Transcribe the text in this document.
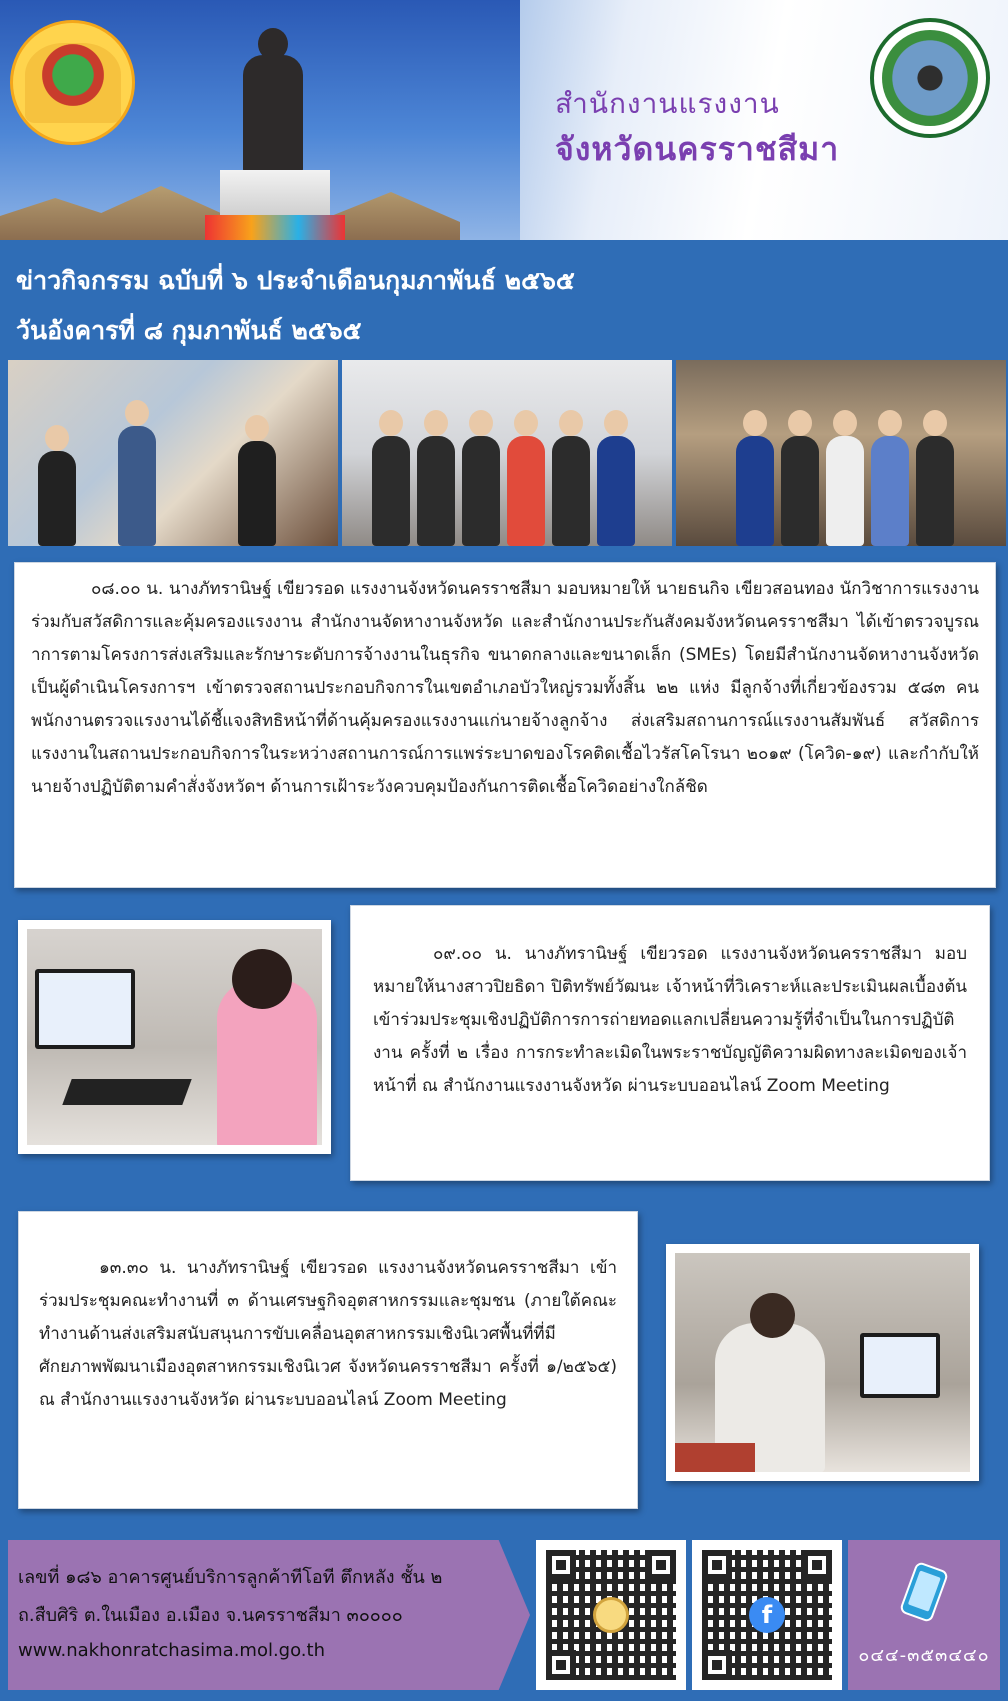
สำนักงานแรงงาน
จังหวัดนครราชสีมา
ข่าวกิจกรรม ฉบับที่ ๖ ประจำเดือนกุมภาพันธ์ ๒๕๖๕
วันอังคารที่ ๘ กุมภาพันธ์ ๒๕๖๕

๐๘.๐๐ น. นางภัทรานิษฐ์ เขียวรอด แรงงานจังหวัดนครราชสีมา มอบหมายให้ นายธนกิจ เขียวสอนทอง นักวิชาการแรงงาน ร่วมกับสวัสดิการและคุ้มครองแรงงาน สำนักงานจัดหางานจังหวัด และสำนักงานประกันสังคมจังหวัดนครราชสีมา ได้เข้าตรวจบูรณาการตามโครงการส่งเสริมและรักษาระดับการจ้างงานในธุรกิจ ขนาดกลางและขนาดเล็ก (SMEs) โดยมีสำนักงานจัดหางานจังหวัดเป็นผู้ดำเนินโครงการฯ เข้าตรวจสถานประกอบกิจการในเขตอำเภอบัวใหญ่รวมทั้งสิ้น ๒๒ แห่ง มีลูกจ้างที่เกี่ยวข้องรวม ๕๘๓ คน พนักงานตรวจแรงงานได้ชี้แจงสิทธิหน้าที่ด้านคุ้มครองแรงงานแก่นายจ้างลูกจ้าง ส่งเสริมสถานการณ์แรงงานสัมพันธ์ สวัสดิการแรงงานในสถานประกอบกิจการในระหว่างสถานการณ์การแพร่ระบาดของโรคติดเชื้อไวรัสโคโรนา ๒๐๑๙ (โควิด-๑๙) และกำกับให้นายจ้างปฏิบัติตามคำสั่งจังหวัดฯ ด้านการเฝ้าระวังควบคุมป้องกันการติดเชื้อโควิดอย่างใกล้ชิด

๐๙.๐๐ น. นางภัทรานิษฐ์ เขียวรอด แรงงานจังหวัดนครราชสีมา มอบหมายให้นางสาวปิยธิดา ปิติทรัพย์วัฒนะ เจ้าหน้าที่วิเคราะห์และประเมินผลเบื้องต้น เข้าร่วมประชุมเชิงปฏิบัติการการถ่ายทอดแลกเปลี่ยนความรู้ที่จำเป็นในการปฏิบัติงาน ครั้งที่ ๒ เรื่อง การกระทำละเมิดในพระราชบัญญัติความผิดทางละเมิดของเจ้าหน้าที่ ณ สำนักงานแรงงานจังหวัด ผ่านระบบออนไลน์ Zoom Meeting

๑๓.๓๐ น. นางภัทรานิษฐ์ เขียวรอด แรงงานจังหวัดนครราชสีมา เข้าร่วมประชุมคณะทำงานที่ ๓ ด้านเศรษฐกิจอุตสาหกรรมและชุมชน (ภายใต้คณะทำงานด้านส่งเสริมสนับสนุนการขับเคลื่อนอุตสาหกรรมเชิงนิเวศพื้นที่ที่มีศักยภาพพัฒนาเมืองอุตสาหกรรมเชิงนิเวศ จังหวัดนครราชสีมา ครั้งที่ ๑/๒๕๖๕) ณ สำนักงานแรงงานจังหวัด ผ่านระบบออนไลน์ Zoom Meeting

เลขที่ ๑๘๖ อาคารศูนย์บริการลูกค้าทีโอที ตึกหลัง ชั้น ๒
ถ.สืบศิริ ต.ในเมือง อ.เมือง จ.นครราชสีมา ๓๐๐๐๐
www.nakhonratchasima.mol.go.th
f
๐๔๔-๓๕๓๔๔๐
